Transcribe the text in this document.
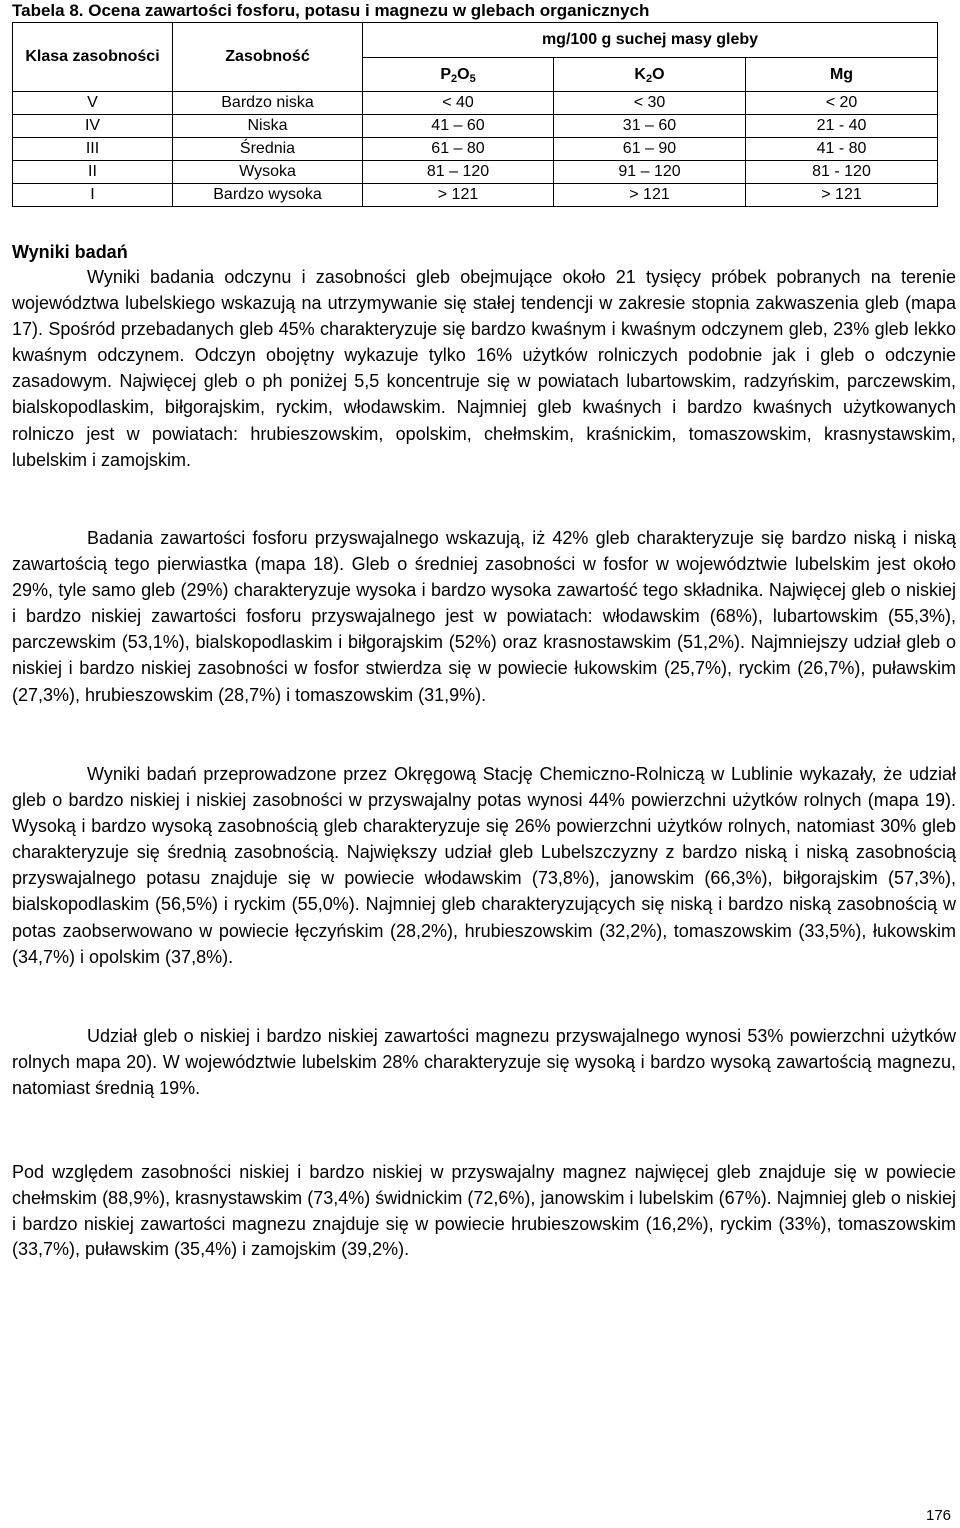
Tabela 8. Ocena zawartości fosforu, potasu i magnezu w glebach organicznych
Klasa zasobności	Zasobność	mg/100 g suchej masy gleby		
		$P_2O_5$	$K_2O$	Mg
V	Bardzo niska	< 40	< 30	< 20
IV	Niska	41 – 60	31 – 60	21 - 40
III	Średnia	61 – 80	61 – 90	41 - 80
II	Wysoka	81 – 120	91 – 120	81 - 120
I	Bardzo wysoka	> 121	> 121	> 121
Wyniki badań

Wyniki badania odczynu i zasobności gleb obejmujące około 21 tysięcy próbek pobranych na terenie województwa lubelskiego wskazują na utrzymywanie się stałej tendencji w zakresie stopnia zakwaszenia gleb (mapa 17). Spośród przebadanych gleb 45% charakteryzuje się bardzo kwaśnym i kwaśnym odczynem gleb, 23% gleb lekko kwaśnym odczynem. Odczyn obojętny wykazuje tylko 16% użytków rolniczych podobnie jak i gleb o odczynie zasadowym. Najwięcej gleb o ph poniżej 5,5 koncentruje się w powiatach lubartowskim, radzyńskim, parczewskim, bialskopodlaskim, biłgorajskim, ryckim, włodawskim. Najmniej gleb kwaśnych i bardzo kwaśnych użytkowanych rolniczo jest w powiatach: hrubieszowskim, opolskim, chełmskim, kraśnickim, tomaszowskim, krasnystawskim, lubelskim i zamojskim.

Badania zawartości fosforu przyswajalnego wskazują, iż 42% gleb charakteryzuje się bardzo niską i niską zawartością tego pierwiastka (mapa 18). Gleb o średniej zasobności w fosfor w województwie lubelskim jest około 29%, tyle samo gleb (29%) charakteryzuje wysoka i bardzo wysoka zawartość tego składnika. Najwięcej gleb o niskiej i bardzo niskiej zawartości fosforu przyswajalnego jest w powiatach: włodawskim (68%), lubartowskim (55,3%), parczewskim (53,1%), bialskopodlaskim i biłgorajskim (52%) oraz krasnostawskim (51,2%). Najmniejszy udział gleb o niskiej i bardzo niskiej zasobności w fosfor stwierdza się w powiecie łukowskim (25,7%), ryckim (26,7%), puławskim (27,3%), hrubieszowskim (28,7%) i tomaszowskim (31,9%).

Wyniki badań przeprowadzone przez Okręgową Stację Chemiczno-Rolniczą w Lublinie wykazały, że udział gleb o bardzo niskiej i niskiej zasobności w przyswajalny potas wynosi 44% powierzchni użytków rolnych (mapa 19). Wysoką i bardzo wysoką zasobnością gleb charakteryzuje się 26% powierzchni użytków rolnych, natomiast 30% gleb charakteryzuje się średnią zasobnością. Największy udział gleb Lubelszczyzny z bardzo niską i niską zasobnością przyswajalnego potasu znajduje się w powiecie włodawskim (73,8%), janowskim (66,3%), biłgorajskim (57,3%), bialskopodlaskim (56,5%) i ryckim (55,0%). Najmniej gleb charakteryzujących się niską i bardzo niską zasobnością w potas zaobserwowano w powiecie łęczyńskim (28,2%), hrubieszowskim (32,2%), tomaszowskim (33,5%), łukowskim (34,7%) i opolskim (37,8%).

Udział gleb o niskiej i bardzo niskiej zawartości magnezu przyswajalnego wynosi 53% powierzchni użytków rolnych mapa 20). W województwie lubelskim 28% charakteryzuje się wysoką i bardzo wysoką zawartością magnezu, natomiast średnią 19%.

Pod względem zasobności niskiej i bardzo niskiej w przyswajalny magnez najwięcej gleb znajduje się w powiecie chełmskim (88,9%), krasnystawskim (73,4%) świdnickim (72,6%), janowskim i lubelskim (67%). Najmniej gleb o niskiej i bardzo niskiej zawartości magnezu znajduje się w powiecie hrubieszowskim (16,2%), ryckim (33%), tomaszowskim (33,7%), puławskim (35,4%) i zamojskim (39,2%).

176
